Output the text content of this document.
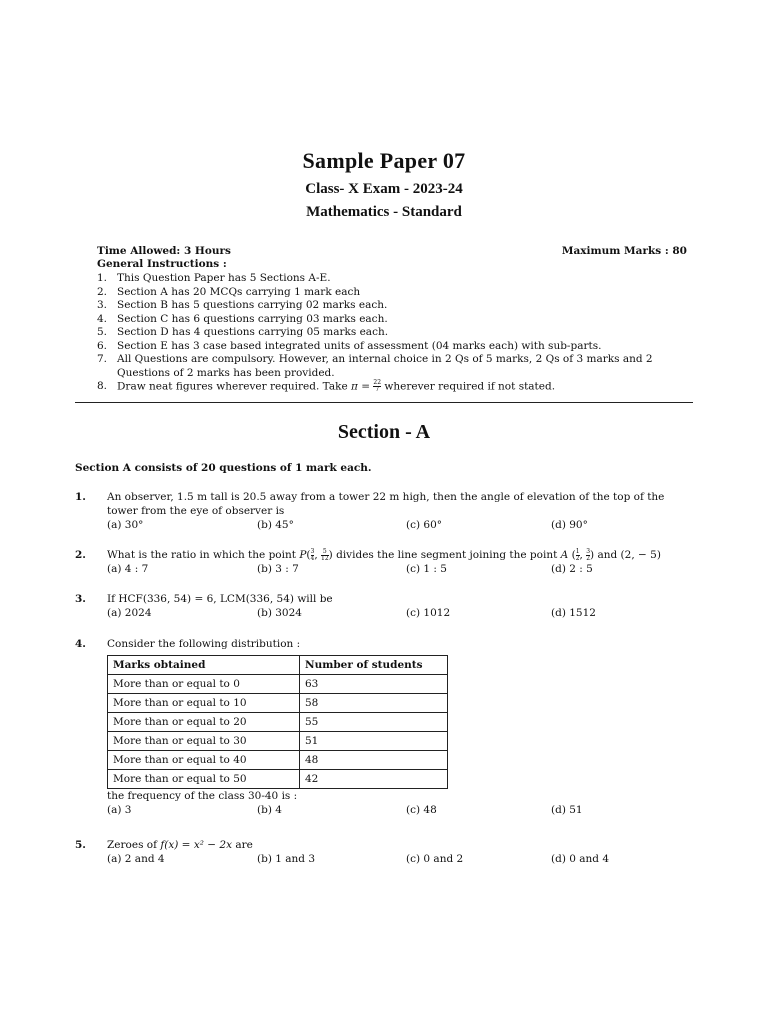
Sample Paper 07
Class- X Exam - 2023-24
Mathematics - Standard
Time Allowed: 3 Hours	Maximum Marks : 80
General Instructions :
1. This Question Paper has 5 Sections A-E.
2. Section A has 20 MCQs carrying 1 mark each
3. Section B has 5 questions carrying 02 marks each.
4. Section C has 6 questions carrying 03 marks each.
5. Section D has 4 questions carrying 05 marks each.
6. Section E has 3 case based integrated units of assessment (04 marks each) with sub-parts.
7. All Questions are compulsory. However, an internal choice in 2 Qs of 5 marks, 2 Qs of 3 marks and 2 Questions of 2 marks has been provided.
8. Draw neat figures wherever required. Take $\pi = \frac{22}{7}$ wherever required if not stated.
Section - A
Section A consists of 20 questions of 1 mark each.
1. An observer, 1.5 m tall is 20.5 away from a tower 22 m high, then the angle of elevation of the top of the tower from the eye of observer is
(a) 30°	(b) 45°	(c) 60°	(d) 90°
2. What is the ratio in which the point $P( \frac{3}{4}$ , $\frac{5}{12}$ ) divides the line segment joining the point A ( $\frac{1}{2}$ , $\frac{3}{2}$ ) and (2, − 5)
(a) 4 : 7	(b) 3 : 7	(c) 1 : 5	(d) 2 : 5
3. If HCF(336, 54) = 6, LCM(336, 54) will be
(a) 2024	(b) 3024	(c) 1012	(d) 1512
4. Consider the following distribution :
Marks obtained	Number of students
More than or equal to 0	63
More than or equal to 10	58
More than or equal to 20	55
More than or equal to 30	51
More than or equal to 40	48
More than or equal to 50	42
the frequency of the class 30-40 is :
(a) 3	(b) 4	(c) 48	(d) 51
5. Zeroes of f(x) = x² − 2x are
(a) 2 and 4	(b) 1 and 3	(c) 0 and 2	(d) 0 and 4
